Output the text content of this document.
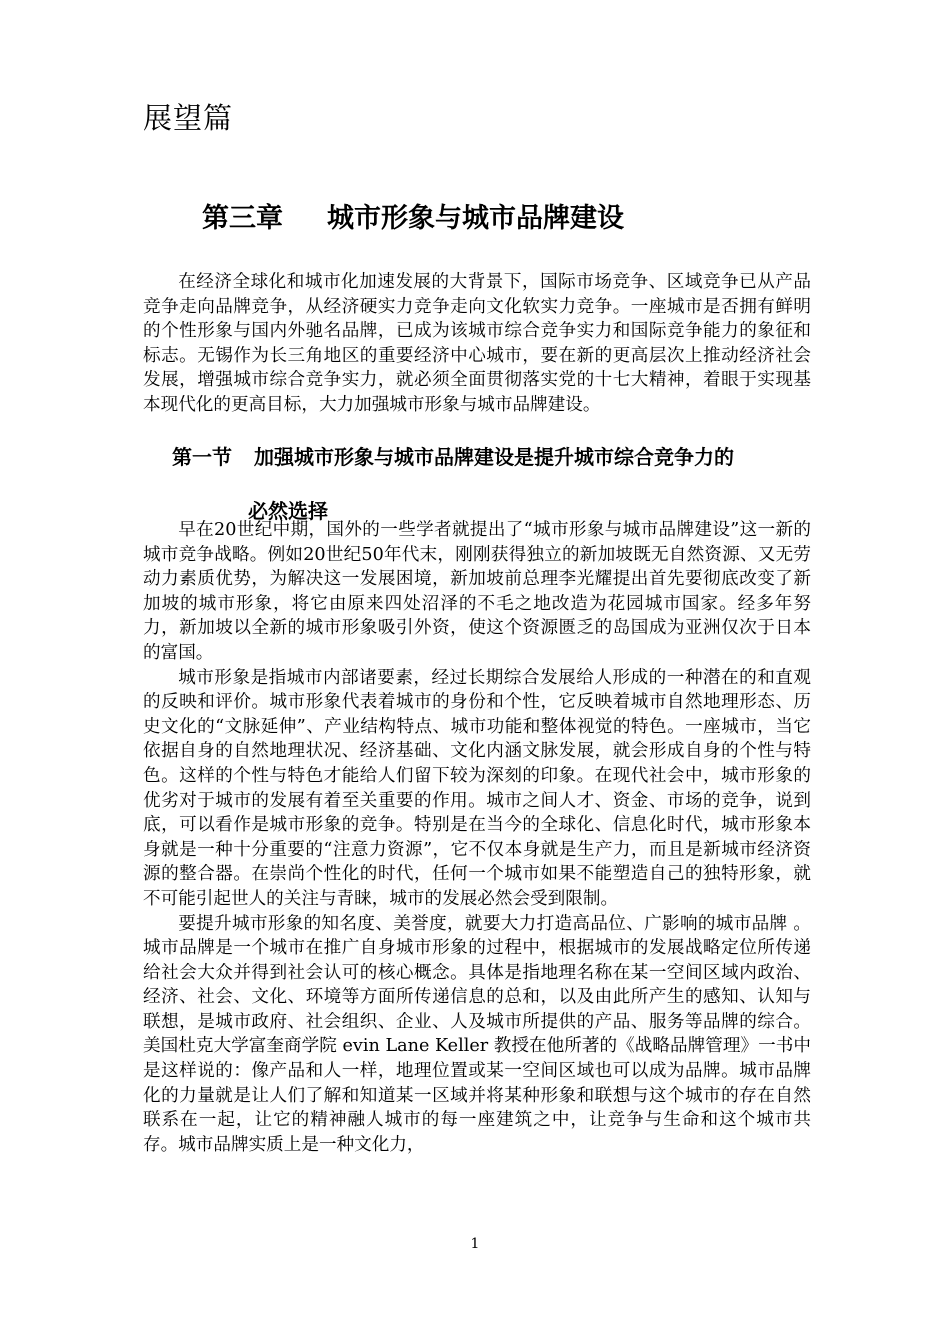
展望篇
第三章 城市形象与城市品牌建设

在经济全球化和城市化加速发展的大背景下，国际市场竞争、区域竞争已从产品竞争走向品牌竞争，从经济硬实力竞争走向文化软实力竞争。一座城市是否拥有鲜明的个性形象与国内外驰名品牌，已成为该城市综合竞争实力和国际竞争能力的象征和标志。无锡作为长三角地区的重要经济中心城市，要在新的更高层次上推动经济社会发展，增强城市综合竞争实力，就必须全面贯彻落实党的十七大精神，着眼于实现基本现代化的更高目标，大力加强城市形象与城市品牌建设。

第一节 加强城市形象与城市品牌建设是提升城市综合竞争力的
必然选择

早在20世纪中期，国外的一些学者就提出了“城市形象与城市品牌建设”这一新的城市竞争战略。例如20世纪50年代末，刚刚获得独立的新加坡既无自然资源、又无劳动力素质优势，为解决这一发展困境，新加坡前总理李光耀提出首先要彻底改变了新加坡的城市形象，将它由原来四处沼泽的不毛之地改造为花园城市国家。经多年努力，新加坡以全新的城市形象吸引外资，使这个资源匮乏的岛国成为亚洲仅次于日本的富国。

城市形象是指城市内部诸要素，经过长期综合发展给人形成的一种潜在的和直观的反映和评价。城市形象代表着城市的身份和个性，它反映着城市自然地理形态、历史文化的“文脉延伸”、产业结构特点、城市功能和整体视觉的特色。一座城市，当它依据自身的自然地理状况、经济基础、文化内涵文脉发展，就会形成自身的个性与特色。这样的个性与特色才能给人们留下较为深刻的印象。在现代社会中，城市形象的优劣对于城市的发展有着至关重要的作用。城市之间人才、资金、市场的竞争，说到底，可以看作是城市形象的竞争。特别是在当今的全球化、信息化时代，城市形象本身就是一种十分重要的“注意力资源”，它不仅本身就是生产力，而且是新城市经济资源的整合器。在崇尚个性化的时代，任何一个城市如果不能塑造自己的独特形象，就不可能引起世人的关注与青睐，城市的发展必然会受到限制。

要提升城市形象的知名度、美誉度，就要大力打造高品位、广影响的城市品牌 。 城市品牌是一个城市在推广自身城市形象的过程中，根据城市的发展战略定位所传递给社会大众并得到社会认可的核心概念。具体是指地理名称在某一空间区域内政治、经济、社会、文化、环境等方面所传递信息的总和，以及由此所产生的感知、认知与联想，是城市政府、社会组织、企业、人及城市所提供的产品、服务等品牌的综合。美国杜克大学富奎商学院 evin Lane Keller 教授在他所著的《战略品牌管理》一书中是这样说的：像产品和人一样，地理位置或某一空间区域也可以成为品牌。城市品牌化的力量就是让人们了解和知道某一区域并将某种形象和联想与这个城市的存在自然联系在一起，让它的精神融人城市的每一座建筑之中，让竞争与生命和这个城市共存。城市品牌实质上是一种文化力，

1
